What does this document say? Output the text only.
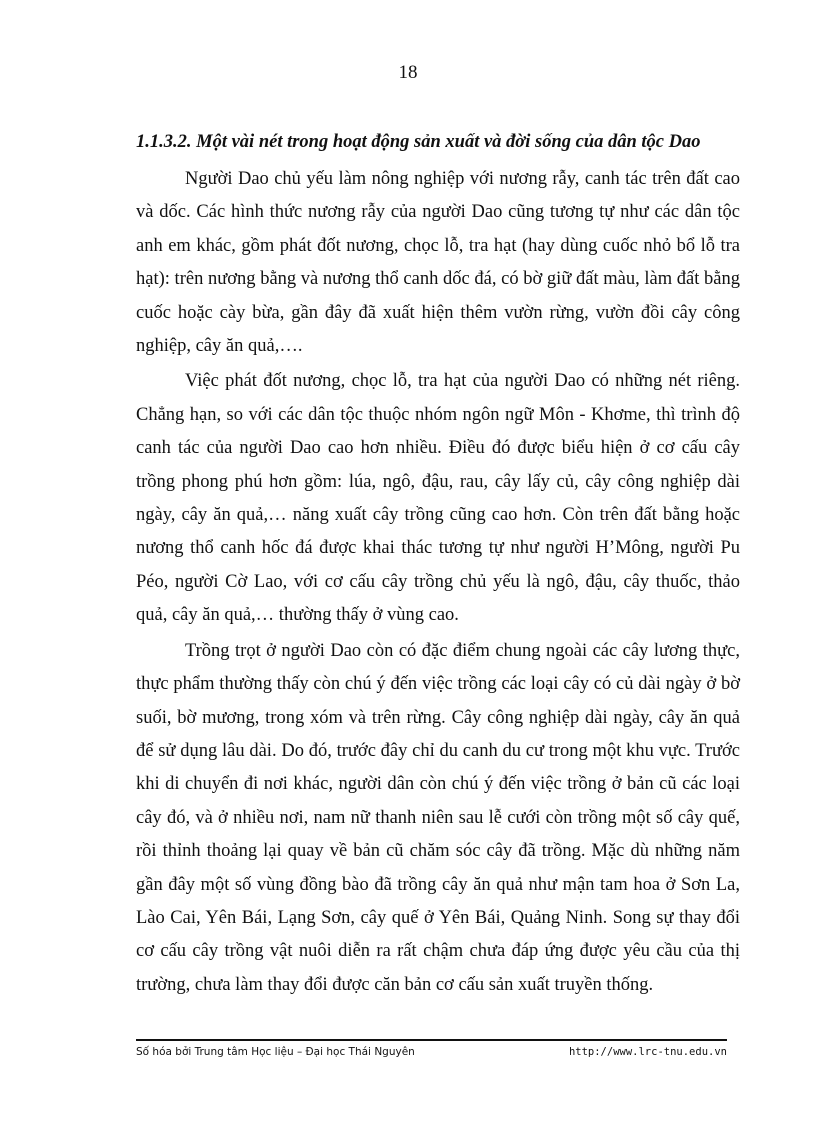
18
1.1.3.2. Một vài nét trong hoạt động sản xuất và đời sống của dân tộc Dao

Người Dao chủ yếu làm nông nghiệp với nương rẫy, canh tác trên đất cao và dốc. Các hình thức nương rẫy của người Dao cũng tương tự như các dân tộc anh em khác, gồm phát đốt nương, chọc lỗ, tra hạt (hay dùng cuốc nhỏ bổ lỗ tra hạt): trên nương bằng và nương thổ canh dốc đá, có bờ giữ đất màu, làm đất bằng cuốc hoặc cày bừa, gần đây đã xuất hiện thêm vườn rừng, vườn đồi cây công nghiệp, cây ăn quả,….

Việc phát đốt nương, chọc lỗ, tra hạt của người Dao có những nét riêng. Chẳng hạn, so với các dân tộc thuộc nhóm ngôn ngữ Môn - Khơme, thì trình độ canh tác của người Dao cao hơn nhiều. Điều đó được biểu hiện ở cơ cấu cây trồng phong phú hơn gồm: lúa, ngô, đậu, rau, cây lấy củ, cây công nghiệp dài ngày, cây ăn quả,… năng xuất cây trồng cũng cao hơn. Còn trên đất bằng hoặc nương thổ canh hốc đá được khai thác tương tự như người H’Mông, người Pu Péo, người Cờ Lao, với cơ cấu cây trồng chủ yếu là ngô, đậu, cây thuốc, thảo quả, cây ăn quả,… thường thấy ở vùng cao.

Trồng trọt ở người Dao còn có đặc điểm chung ngoài các cây lương thực, thực phẩm thường thấy còn chú ý đến việc trồng các loại cây có củ dài ngày ở bờ suối, bờ mương, trong xóm và trên rừng. Cây công nghiệp dài ngày, cây ăn quả để sử dụng lâu dài. Do đó, trước đây chỉ du canh du cư trong một khu vực. Trước khi di chuyển đi nơi khác, người dân còn chú ý đến việc trồng ở bản cũ các loại cây đó, và ở nhiều nơi, nam nữ thanh niên sau lễ cưới còn trồng một số cây quế, rồi thỉnh thoảng lại quay về bản cũ chăm sóc cây đã trồng. Mặc dù những năm gần đây một số vùng đồng bào đã trồng cây ăn quả như mận tam hoa ở Sơn La, Lào Cai, Yên Bái, Lạng Sơn, cây quế ở Yên Bái, Quảng Ninh. Song sự thay đổi cơ cấu cây trồng vật nuôi diễn ra rất chậm chưa đáp ứng được yêu cầu của thị trường, chưa làm thay đổi được căn bản cơ cấu sản xuất truyền thống.

Số hóa bởi Trung tâm Học liệu – Đại học Thái Nguyên	http://www.lrc-tnu.edu.vn
